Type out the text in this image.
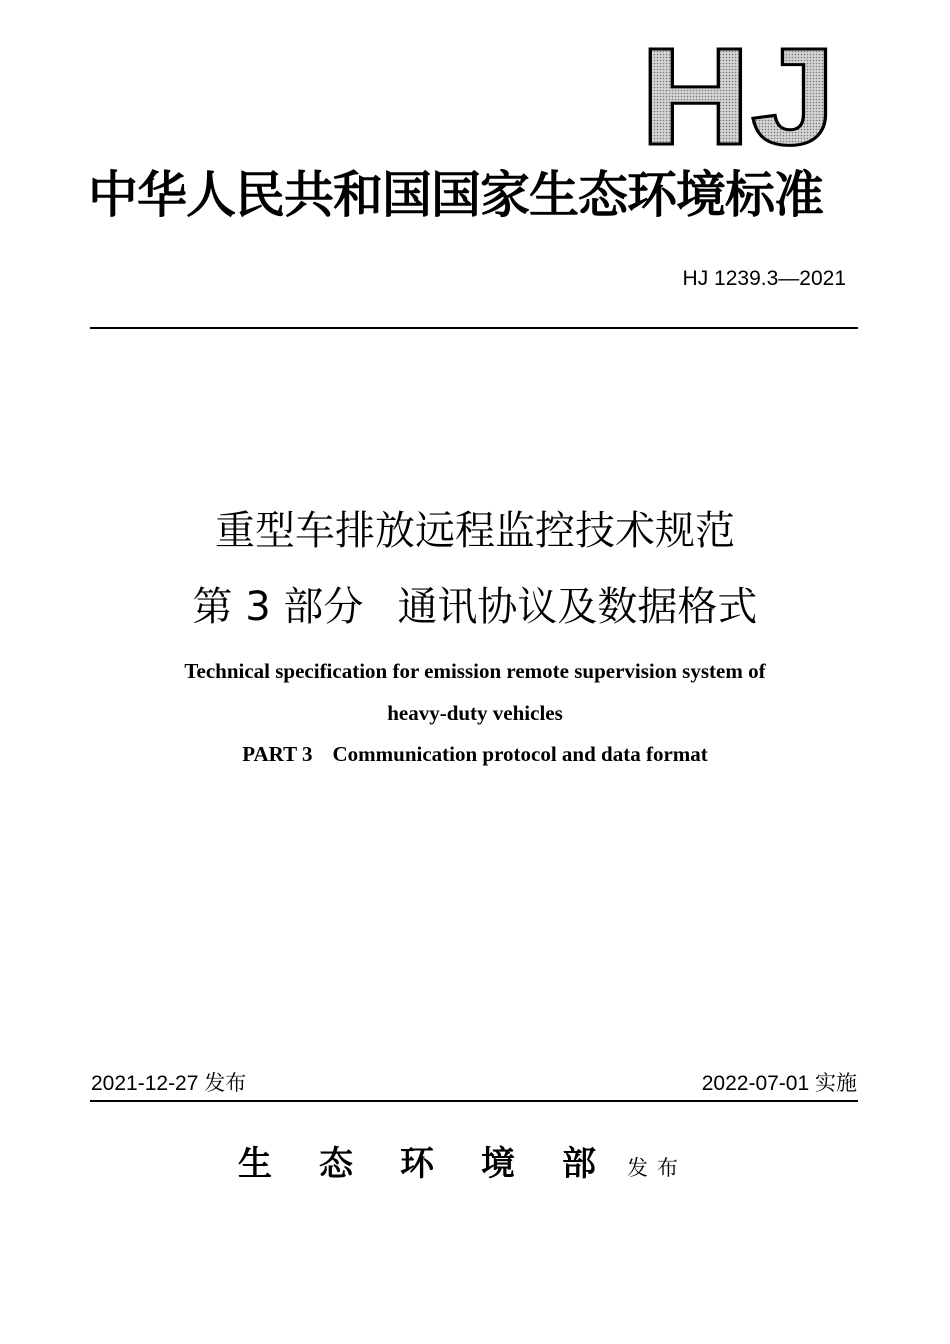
HJ
中华人民共和国国家生态环境标准
HJ 1239.3—2021
重型车排放远程监控技术规范
第 3 部分 通讯协议及数据格式
Technical specification for emission remote supervision system of
heavy-duty vehicles
PART 3 Communication protocol and data format
2021-12-27 发布	2022-07-01 实施
生态环境部发布
